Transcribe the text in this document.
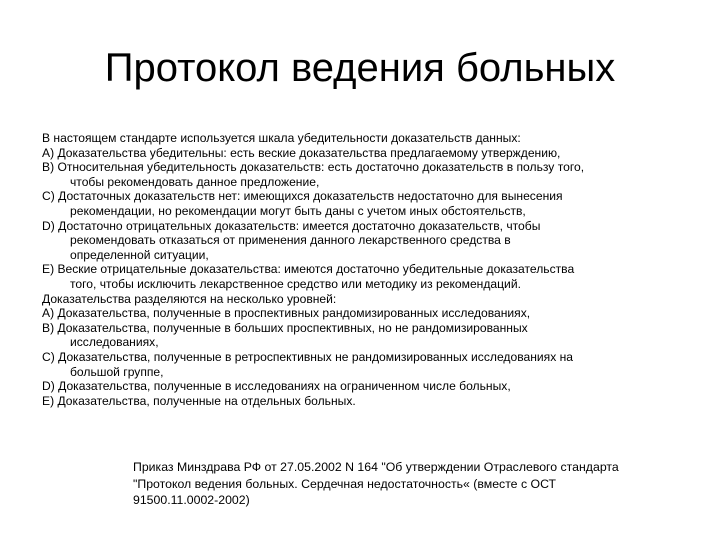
Протокол ведения больных

В настоящем стандарте используется шкала убедительности доказательств данных:

A) Доказательства убедительны: есть веские доказательства предлагаемому утверждению,

B) Относительная убедительность доказательств: есть достаточно доказательств в пользу того,
чтобы рекомендовать данное предложение,

C) Достаточных доказательств нет: имеющихся доказательств недостаточно для вынесения
рекомендации, но рекомендации могут быть даны с учетом иных обстоятельств,

D) Достаточно отрицательных доказательств: имеется достаточно доказательств, чтобы
рекомендовать отказаться от применения данного лекарственного средства в
определенной ситуации,

E) Веские отрицательные доказательства: имеются достаточно убедительные доказательства
того, чтобы исключить лекарственное средство или методику из рекомендаций.

Доказательства разделяются на несколько уровней:

A) Доказательства, полученные в проспективных рандомизированных исследованиях,

B) Доказательства, полученные в больших проспективных, но не рандомизированных
исследованиях,

C) Доказательства, полученные в ретроспективных не рандомизированных исследованиях на
большой группе,

D) Доказательства, полученные в исследованиях на ограниченном числе больных,

E) Доказательства, полученные на отдельных больных.

Приказ Минздрава РФ от 27.05.2002 N 164 "Об утверждении Отраслевого стандарта
"Протокол ведения больных. Сердечная недостаточность« (вместе с ОСТ
91500.11.0002-2002)
